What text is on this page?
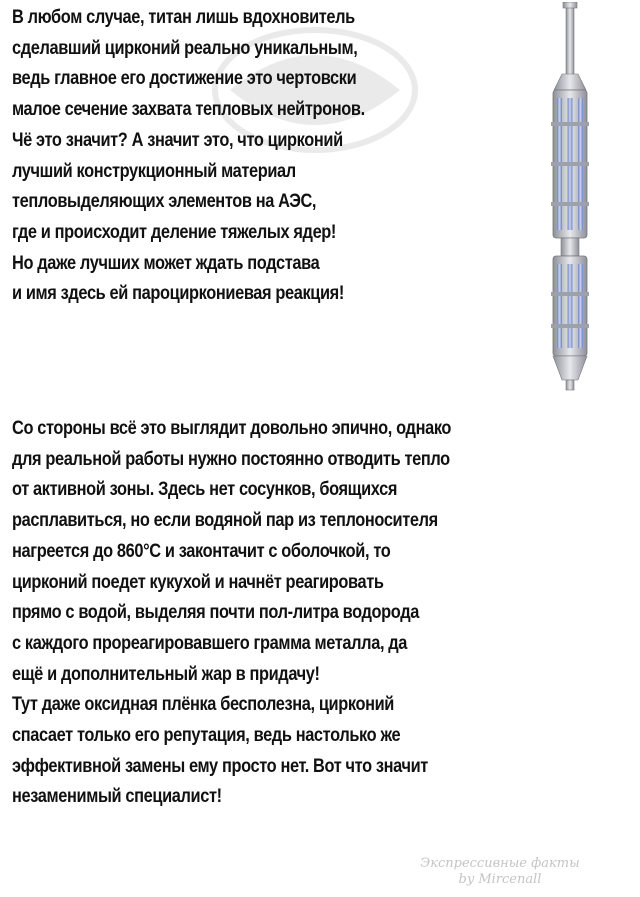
В любом случае, титан лишь вдохновитель
сделавший цирконий реально уникальным,
ведь главное его достижение это чертовски
малое сечение захвата тепловых нейтронов.
Чё это значит? А значит это, что цирконий
лучший конструкционный материал
тепловыделяющих элементов на АЭС,
где и происходит деление тяжелых ядер!
Но даже лучших может ждать подстава
и имя здесь ей пароциркониевая реакция!
Со стороны всё это выглядит довольно эпично, однако
для реальной работы нужно постоянно отводить тепло
от активной зоны. Здесь нет сосунков, боящихся
расплавиться, но если водяной пар из теплоносителя
нагреется до 860°С и законтачит с оболочкой, то
цирконий поедет кукухой и начнёт реагировать
прямо с водой, выделяя почти пол-литра водорода
с каждого прореагировавшего грамма металла, да
ещё и дополнительный жар в придачу!
Тут даже оксидная плёнка бесполезна, цирконий
спасает только его репутация, ведь настолько же
эффективной замены ему просто нет. Вот что значит
незаменимый специалист!
Экспрессивные факты
by Mircenall
